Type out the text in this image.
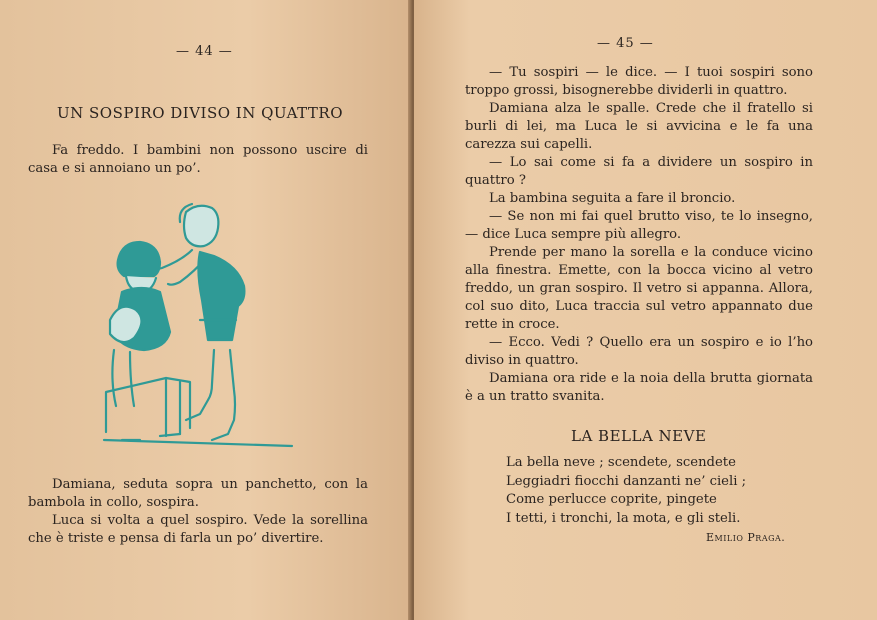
— 44 —
UN SOSPIRO DIVISO IN QUATTRO
Fa freddo. I bambini non possono uscire di casa e si annoiano un po’.
Damiana, seduta sopra un panchetto, con la bambola in collo, sospira.
Luca si volta a quel sospiro. Vede la sorellina che è triste e pensa di farla un po’ divertire.
— 45 —
— Tu sospiri — le dice. — I tuoi sospiri sono troppo grossi, bisognerebbe dividerli in quattro.
Damiana alza le spalle. Crede che il fratello si burli di lei, ma Luca le si avvicina e le fa una carezza sui capelli.
— Lo sai come si fa a dividere un sospiro in quattro ?
La bambina seguita a fare il broncio.
— Se non mi fai quel brutto viso, te lo insegno, — dice Luca sempre più allegro.
Prende per mano la sorella e la conduce vicino alla finestra. Emette, con la bocca vicino al vetro freddo, un gran sospiro. Il vetro si appanna. Allora, col suo dito, Luca traccia sul vetro appannato due rette in croce.
— Ecco. Vedi ? Quello era un sospiro e io l’ho diviso in quattro.
Damiana ora ride e la noia della brutta giornata è a un tratto svanita.
LA BELLA NEVE
La bella neve ; scendete, scendete
Leggiadri fiocchi danzanti ne’ cieli ;
Come perlucce coprite, pingete
I tetti, i tronchi, la mota, e gli steli.
Emilio Praga.
